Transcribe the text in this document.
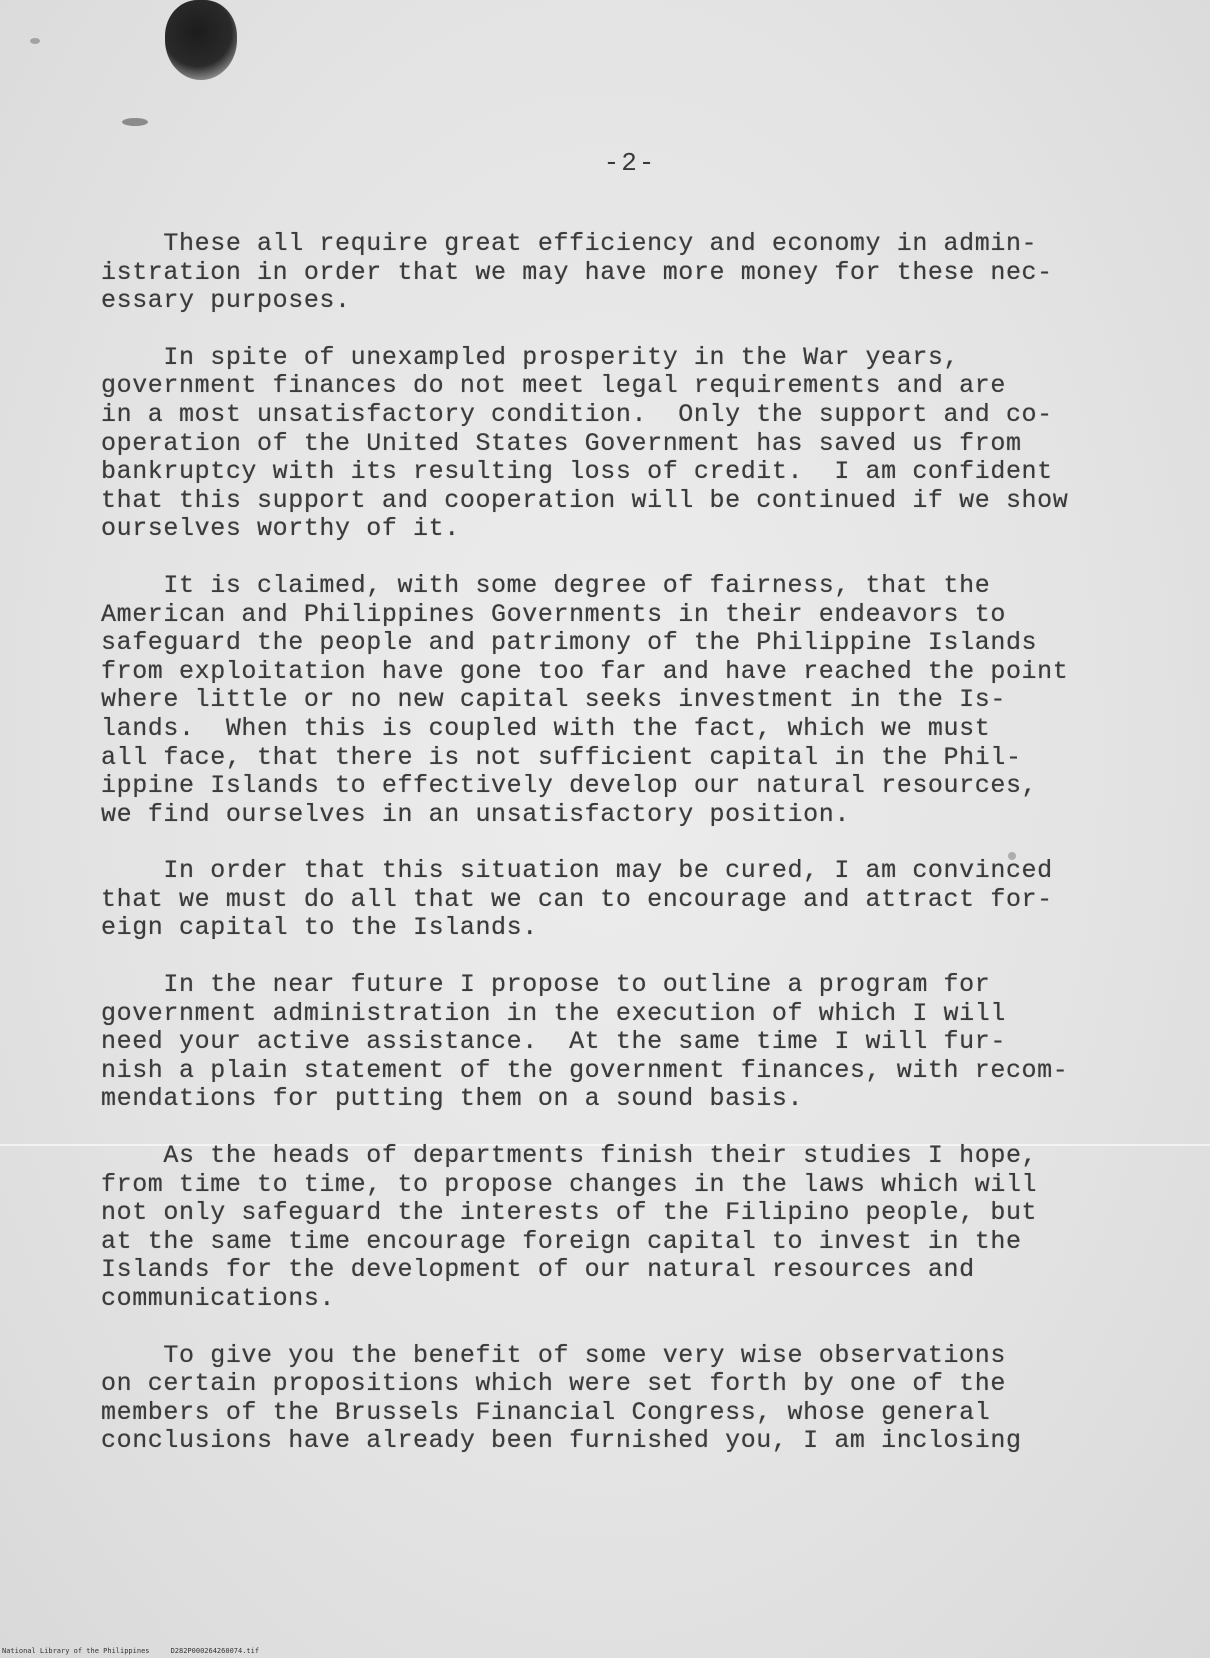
-2-
These all require great efficiency and economy in admin-
istration in order that we may have more money for these nec-
essary purposes.
In spite of unexampled prosperity in the War years,
government finances do not meet legal requirements and are
in a most unsatisfactory condition.  Only the support and co-
operation of the United States Government has saved us from
bankruptcy with its resulting loss of credit.  I am confident
that this support and cooperation will be continued if we show
ourselves worthy of it.
It is claimed, with some degree of fairness, that the
American and Philippines Governments in their endeavors to
safeguard the people and patrimony of the Philippine Islands
from exploitation have gone too far and have reached the point
where little or no new capital seeks investment in the Is-
lands.  When this is coupled with the fact, which we must
all face, that there is not sufficient capital in the Phil-
ippine Islands to effectively develop our natural resources,
we find ourselves in an unsatisfactory position.
In order that this situation may be cured, I am convinced
that we must do all that we can to encourage and attract for-
eign capital to the Islands.
In the near future I propose to outline a program for
government administration in the execution of which I will
need your active assistance.  At the same time I will fur-
nish a plain statement of the government finances, with recom-
mendations for putting them on a sound basis.
As the heads of departments finish their studies I hope,
from time to time, to propose changes in the laws which will
not only safeguard the interests of the Filipino people, but
at the same time encourage foreign capital to invest in the
Islands for the development of our natural resources and
communications.
To give you the benefit of some very wise observations
on certain propositions which were set forth by one of the
members of the Brussels Financial Congress, whose general
conclusions have already been furnished you, I am inclosing
National Library of the Philippines     D282P000264260074.tif
